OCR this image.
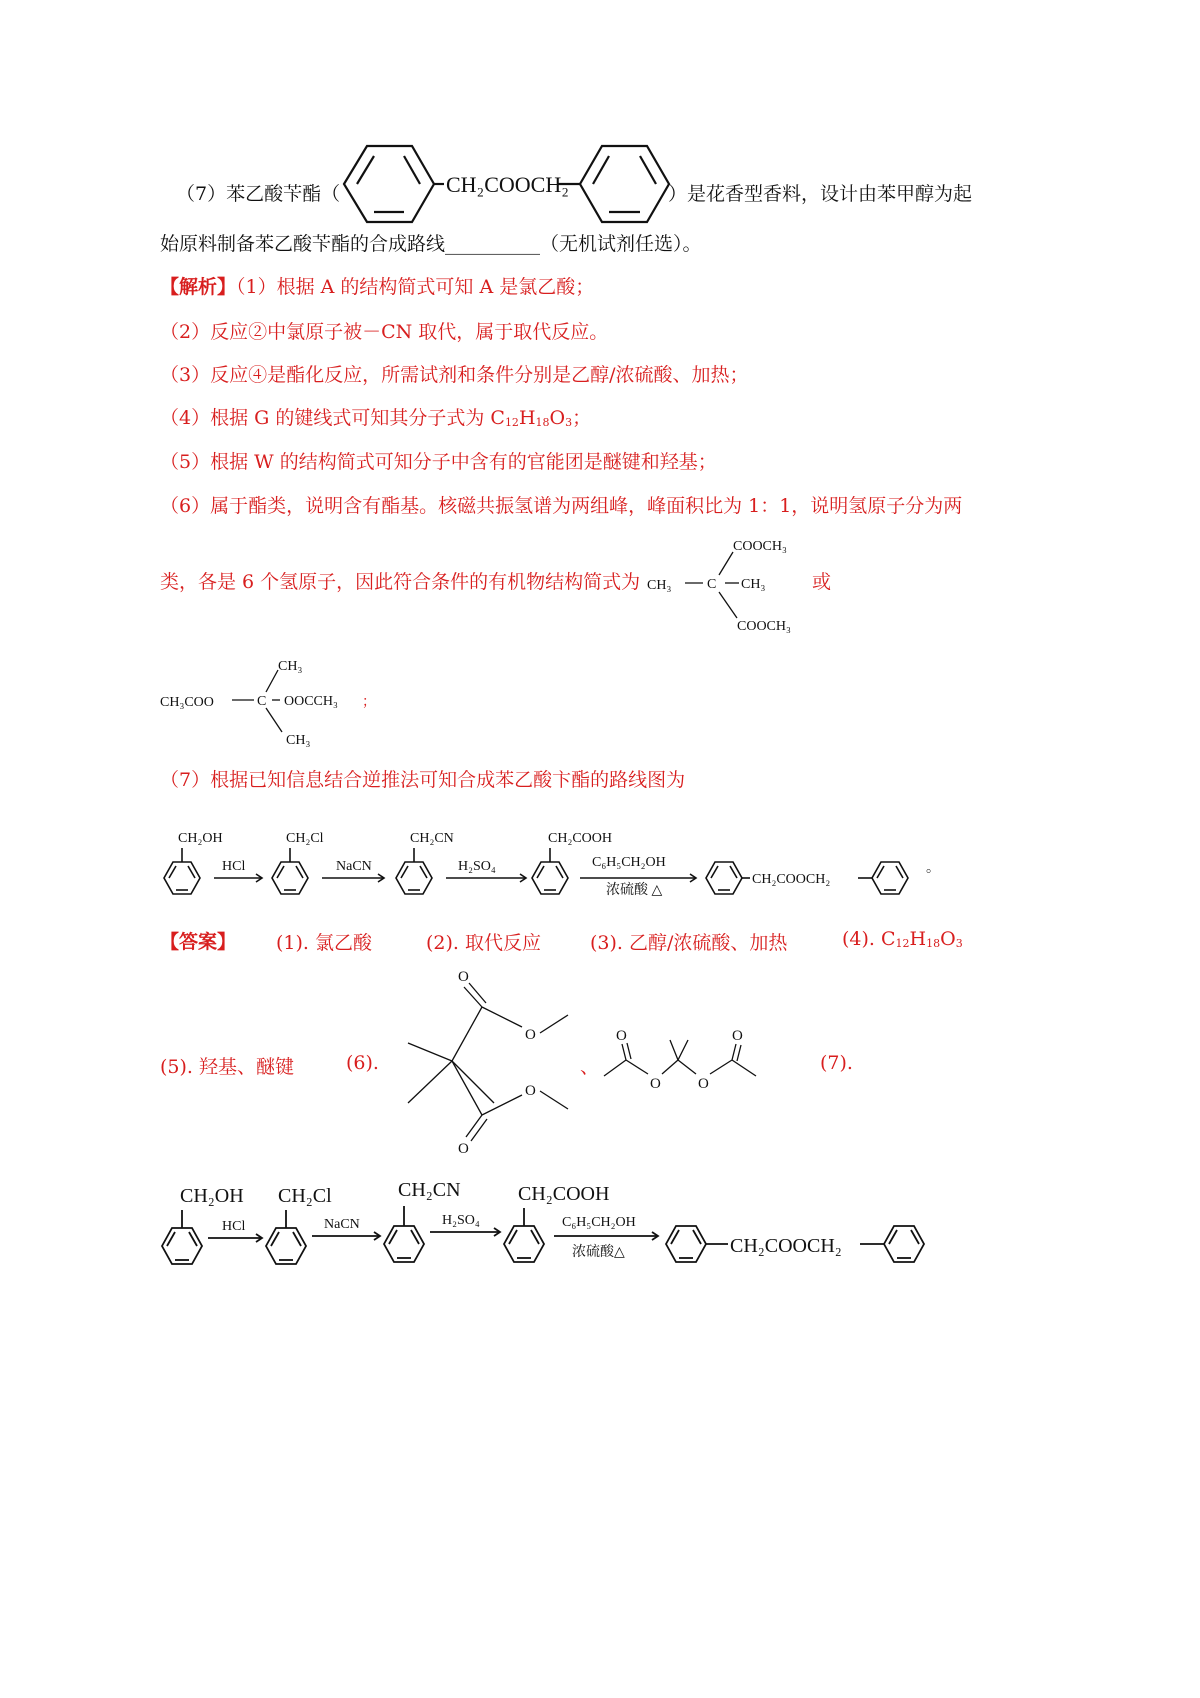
（7）苯乙酸苄酯（	CH₂COOCH₂	）是花香型香料，设计由苯甲醇为起
始原料制备苯乙酸苄酯的合成路线__________（无机试剂任选）。
【解析】（1）根据 A 的结构简式可知 A 是氯乙酸；
（2）反应②中氯原子被－CN 取代，属于取代反应。
（3）反应④是酯化反应，所需试剂和条件分别是乙醇/浓硫酸、加热；
（4）根据 G 的键线式可知其分子式为 $C_{12}H_{18}O_3$；
（5）根据 W 的结构简式可知分子中含有的官能团是醚键和羟基；
（6）属于酯类，说明含有酯基。核磁共振氢谱为两组峰，峰面积比为 1：1，说明氢原子分为两
类，各是 6 个氢原子，因此符合条件的有机物结构简式为
COOCH₃
CH₃	C CH₃
COOCH₃
或
CH₃
CH₃COO	C OOCCH₃
CH₃
；
（7）根据已知信息结合逆推法可知合成苯乙酸卞酯的路线图为
CH₂OH	CH₂Cl	CH₂CN	CH₂COOH
HCl	NaCN	H₂SO₄	C₆H₅CH₂OH
浓硫酸 △
CH₂COOCH₂
。
【答案】 (1). 氯乙酸	(2). 取代反应	(3). 乙醇/浓硫酸、加热	(4). $C_{12}H_{18}O_3$
(5). 羟基、醚键	(6).
O
O
O
O
、
O
O O
O
(7).
CH₂OH CH₂Cl	CH₂CN	CH₂COOH
HCl	NaCN	H₂SO₄	C₆H₅CH₂OH
浓硫酸△	CH₂COOCH₂
